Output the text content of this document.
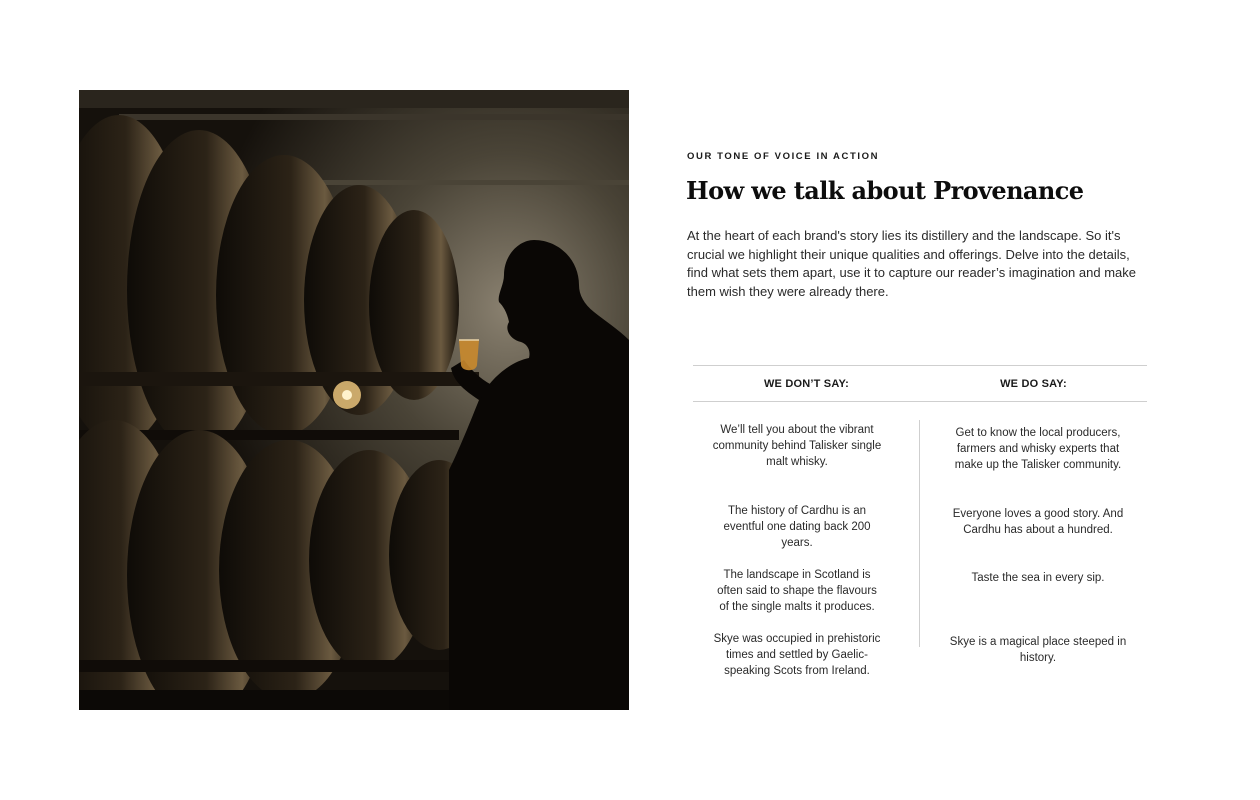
OUR TONE OF VOICE IN ACTION

How we talk about Provenance

At the heart of each brand's story lies its distillery and the landscape. So it's crucial we highlight their unique qualities and offerings. Delve into the details, find what sets them apart, use it to capture our reader’s imagination and make them wish they were already there.

WE DON’T SAY:	WE DO SAY:

We’ll tell you about the vibrant community behind Talisker single malt whisky.

Get to know the local producers, farmers and whisky experts that make up the Talisker community.

The history of Cardhu is an eventful one dating back 200 years.

Everyone loves a good story. And Cardhu has about a hundred.

The landscape in Scotland is often said to shape the flavours of the single malts it produces.

Taste the sea in every sip.

Skye was occupied in prehistoric times and settled by Gaelic-speaking Scots from Ireland.

Skye is a magical place steeped in history.
